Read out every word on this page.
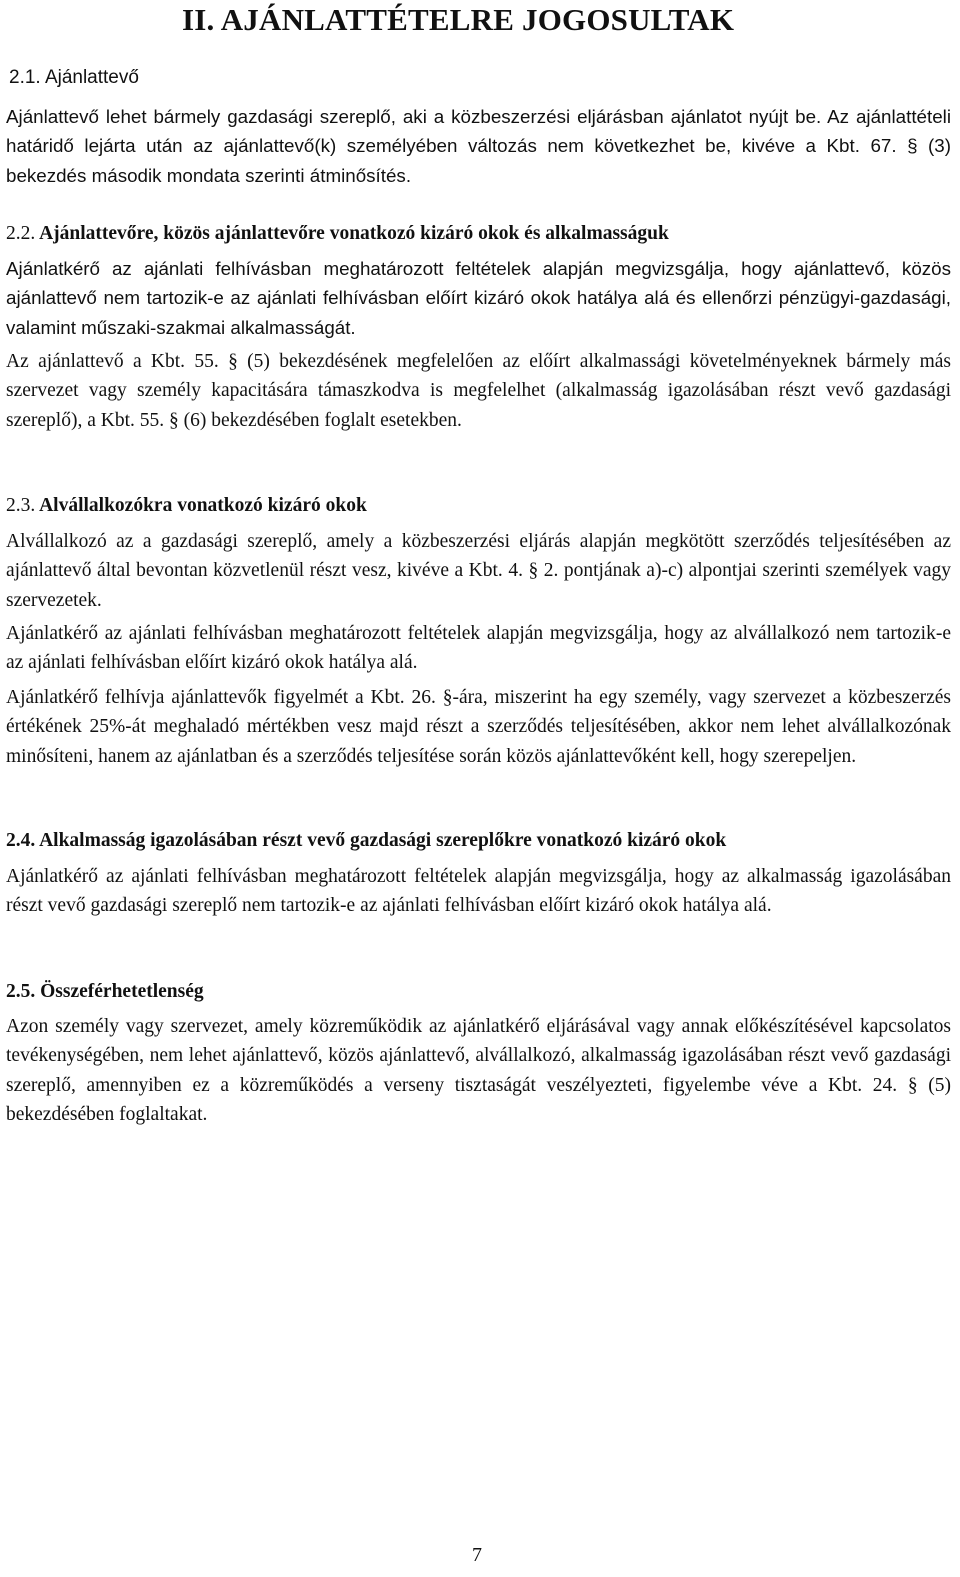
II. AJÁNLATTÉTELRE JOGOSULTAK
2.1. Ajánlattevő

Ajánlattevő lehet bármely gazdasági szereplő, aki a közbeszerzési eljárásban ajánlatot nyújt be. Az ajánlattételi határidő lejárta után az ajánlattevő(k) személyében változás nem következhet be, kivéve a Kbt. 67. § (3) bekezdés második mondata szerinti átminősítés.

2.2. Ajánlattevőre, közös ajánlattevőre vonatkozó kizáró okok és alkalmasságuk

Ajánlatkérő az ajánlati felhívásban meghatározott feltételek alapján megvizsgálja, hogy ajánlattevő, közös ajánlattevő nem tartozik-e az ajánlati felhívásban előírt kizáró okok hatálya alá és ellenőrzi pénzügyi-gazdasági, valamint műszaki-szakmai alkalmasságát.

Az ajánlattevő a Kbt. 55. § (5) bekezdésének megfelelően az előírt alkalmassági követelményeknek bármely más szervezet vagy személy kapacitására támaszkodva is megfelelhet (alkalmasság igazolásában részt vevő gazdasági szereplő), a Kbt. 55. § (6) bekezdésében foglalt esetekben.

2.3. Alvállalkozókra vonatkozó kizáró okok

Alvállalkozó az a gazdasági szereplő, amely a közbeszerzési eljárás alapján megkötött szerződés teljesítésében az ajánlattevő által bevontan közvetlenül részt vesz, kivéve a Kbt. 4. § 2. pontjának a)-c) alpontjai szerinti személyek vagy szervezetek.

Ajánlatkérő az ajánlati felhívásban meghatározott feltételek alapján megvizsgálja, hogy az alvállalkozó nem tartozik-e az ajánlati felhívásban előírt kizáró okok hatálya alá.

Ajánlatkérő felhívja ajánlattevők figyelmét a Kbt. 26. §-ára, miszerint ha egy személy, vagy szervezet a közbeszerzés értékének 25%-át meghaladó mértékben vesz majd részt a szerződés teljesítésében, akkor nem lehet alvállalkozónak minősíteni, hanem az ajánlatban és a szerződés teljesítése során közös ajánlattevőként kell, hogy szerepeljen.

2.4. Alkalmasság igazolásában részt vevő gazdasági szereplőkre vonatkozó kizáró okok

Ajánlatkérő az ajánlati felhívásban meghatározott feltételek alapján megvizsgálja, hogy az alkalmasság igazolásában részt vevő gazdasági szereplő nem tartozik-e az ajánlati felhívásban előírt kizáró okok hatálya alá.

2.5. Összeférhetetlenség

Azon személy vagy szervezet, amely közreműködik az ajánlatkérő eljárásával vagy annak előkészítésével kapcsolatos tevékenységében, nem lehet ajánlattevő, közös ajánlattevő, alvállalkozó, alkalmasság igazolásában részt vevő gazdasági szereplő, amennyiben ez a közreműködés a verseny tisztaságát veszélyezteti, figyelembe véve a Kbt. 24. § (5) bekezdésében foglaltakat.

7
